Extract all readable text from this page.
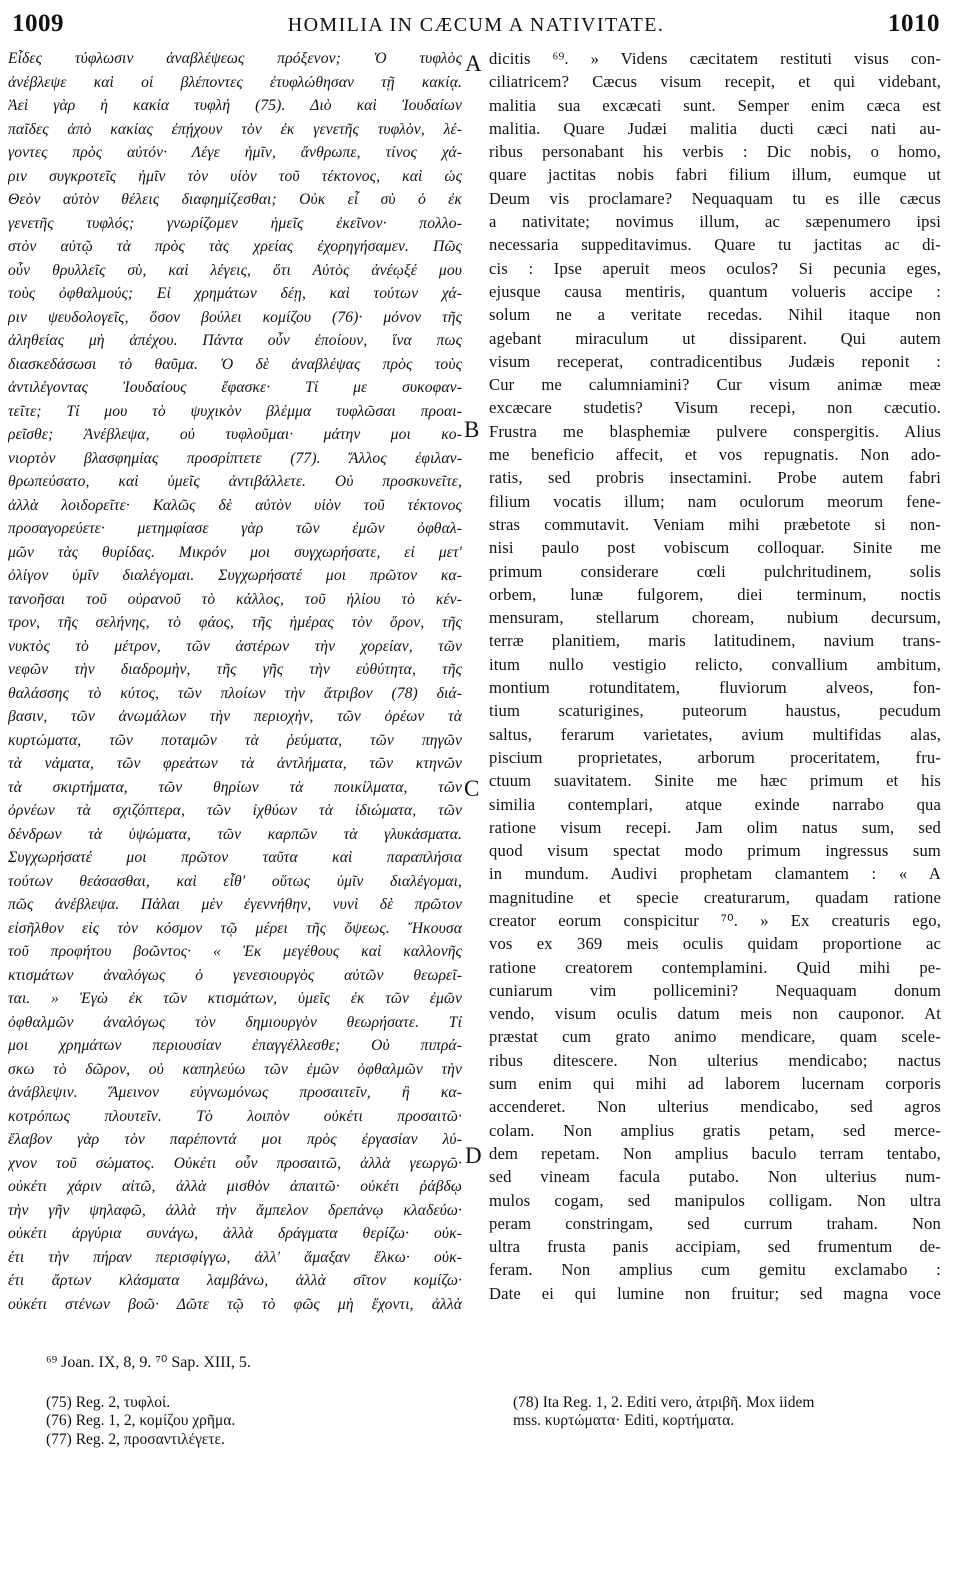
1009	HOMILIA IN CÆCUM A NATIVITATE.	1010
Εἶδες τύφλωσιν ἀναβλέψεως πρόξενον; Ὁ τυφλὸς
ἀνέβλεψε καὶ οἱ βλέποντες ἐτυφλώθησαν τῇ κακίᾳ.
Ἀεὶ γὰρ ἡ κακία τυφλή (75). Διὸ καὶ Ἰουδαίων
παῖδες ἀπὸ κακίας ἐπῄχουν τὸν ἐκ γενετῆς τυφλὸν, λέ-
γοντες πρὸς αὐτόν· Λέγε ἡμῖν, ἄνθρωπε, τίνος χά-
ριν συγκροτεῖς ἡμῖν τὸν υἱὸν τοῦ τέκτονος, καὶ ὡς
Θεὸν αὐτὸν θέλεις διαφημίζεσθαι; Οὐκ εἶ σὺ ὁ ἐκ
γενετῆς τυφλός; γνωρίζομεν ἡμεῖς ἐκεῖνον· πολλο-
στὸν αὐτῷ τὰ πρὸς τὰς χρείας ἐχορηγήσαμεν. Πῶς
οὖν θρυλλεῖς σὺ, καὶ λέγεις, ὅτι Αὐτὸς ἀνέῳξέ μου
τοὺς ὀφθαλμούς; Εἰ χρημάτων δέῃ, καὶ τούτων χά-
ριν ψευδολογεῖς, ὅσον βούλει κομίζου (76)· μόνον τῆς
ἀληθείας μὴ ἀπέχου. Πάντα οὖν ἐποίουν, ἵνα πως
διασκεδάσωσι τὸ θαῦμα. Ὁ δὲ ἀναβλέψας πρὸς τοὺς
ἀντιλέγοντας Ἰουδαίους ἔφασκε· Τί με συκοφαν-
τεῖτε; Τί μου τὸ ψυχικὸν βλέμμα τυφλῶσαι προαι-
ρεῖσθε; Ἀνέβλεψα, οὐ τυφλοῦμαι· μάτην μοι κο-
νιορτὸν βλασφημίας προσρίπτετε (77). Ἄλλος ἐφιλαν-
θρωπεύσατο, καὶ ὑμεῖς ἀντιβάλλετε. Οὐ προσκυνεῖτε,
ἀλλὰ λοιδορεῖτε· Καλῶς δὲ αὐτὸν υἱὸν τοῦ τέκτονος
προσαγορεύετε· μετημφίασε γὰρ τῶν ἐμῶν ὀφθαλ-
μῶν τὰς θυρίδας. Μικρόν μοι συγχωρήσατε, εἰ μετ'
ὀλίγον ὑμῖν διαλέγομαι. Συγχωρήσατέ μοι πρῶτον κα-
τανοῆσαι τοῦ οὐρανοῦ τὸ κάλλος, τοῦ ἡλίου τὸ κέν-
τρον, τῆς σελήνης, τὸ φάος, τῆς ἡμέρας τὸν ὅρον, τῆς
νυκτὸς τὸ μέτρον, τῶν ἀστέρων τὴν χορείαν, τῶν
νεφῶν τὴν διαδρομὴν, τῆς γῆς τὴν εὐθύτητα, τῆς
θαλάσσης τὸ κύτος, τῶν πλοίων τὴν ἄτριβον (78) διά-
βασιν, τῶν ἀνωμάλων τὴν περιοχὴν, τῶν ὀρέων τὰ
κυρτώματα, τῶν ποταμῶν τὰ ῥεύματα, τῶν πηγῶν
τὰ νάματα, τῶν φρεάτων τὰ ἀντλήματα, τῶν κτηνῶν
τὰ σκιρτήματα, τῶν θηρίων τὰ ποικίλματα, τῶν
ὀρνέων τὰ σχιζόπτερα, τῶν ἰχθύων τὰ ἰδιώματα, τῶν
δένδρων τὰ ὑψώματα, τῶν καρπῶν τὰ γλυκάσματα.
Συγχωρήσατέ μοι πρῶτον ταῦτα καὶ παραπλήσια
τούτων θεάσασθαι, καὶ εἶθ' οὕτως ὑμῖν διαλέγομαι,
πῶς ἀνέβλεψα. Πάλαι μὲν ἐγεννήθην, νυνὶ δὲ πρῶτον
εἰσῆλθον εἰς τὸν κόσμον τῷ μέρει τῆς ὄψεως. Ἤκουσα
τοῦ προφήτου βοῶντος· « Ἐκ μεγέθους καὶ καλλονῆς
κτισμάτων ἀναλόγως ὁ γενεσιουργὸς αὐτῶν θεωρεῖ-
ται. » Ἐγὼ ἐκ τῶν κτισμάτων, ὑμεῖς ἐκ τῶν ἐμῶν
ὀφθαλμῶν ἀναλόγως τὸν δημιουργὸν θεωρήσατε. Τί
μοι χρημάτων περιουσίαν ἐπαγγέλλεσθε; Οὐ πιπρά-
σκω τὸ δῶρον, οὐ καπηλεύω τῶν ἐμῶν ὀφθαλμῶν τὴν
ἀνάβλεψιν. Ἄμεινον εὐγνωμόνως προσαιτεῖν, ἢ κα-
κοτρόπως πλουτεῖν. Τὸ λοιπὸν οὐκέτι προσαιτῶ·
ἔλαβον γὰρ τὸν παρέποντά μοι πρὸς ἐργασίαν λύ-
χνον τοῦ σώματος. Οὐκέτι οὖν προσαιτῶ, ἀλλὰ γεωργῶ·
οὐκέτι χάριν αἰτῶ, ἀλλὰ μισθὸν ἀπαιτῶ· οὐκέτι ῥάβδῳ
τὴν γῆν ψηλαφῶ, ἀλλὰ τὴν ἄμπελον δρεπάνῳ κλαδεύω·
οὐκέτι ἀργύρια συνάγω, ἀλλὰ δράγματα θερίζω· οὐκ-
έτι τὴν πήραν περισφίγγω, ἀλλ' ἅμαξαν ἕλκω· οὐκ-
έτι ἄρτων κλάσματα λαμβάνω, ἀλλὰ σῖτον κομίζω·
οὐκέτι στένων βοῶ· Δῶτε τῷ τὸ φῶς μὴ ἔχοντι, ἀλλὰ
dicitis ⁶⁹. » Videns cæcitatem restituti visus con-
ciliatricem? Cæcus visum recepit, et qui videbant,
malitia sua excæcati sunt. Semper enim cæca est
malitia. Quare Judæi malitia ducti cæci nati au-
ribus personabant his verbis : Dic nobis, o homo,
quare jactitas nobis fabri filium illum, eumque ut
Deum vis proclamare? Nequaquam tu es ille cæcus
a nativitate; novimus illum, ac sæpenumero ipsi
necessaria suppeditavimus. Quare tu jactitas ac di-
cis : Ipse aperuit meos oculos? Si pecunia eges,
ejusque causa mentiris, quantum volueris accipe :
solum ne a veritate recedas. Nihil itaque non
agebant miraculum ut dissiparent. Qui autem
visum receperat, contradicentibus Judæis reponit :
Cur me calumniamini? Cur visum animæ meæ
excæcare studetis? Visum recepi, non cæcutio.
Frustra me blasphemiæ pulvere conspergitis. Alius
me beneficio affecit, et vos repugnatis. Non ado-
ratis, sed probris insectamini. Probe autem fabri
filium vocatis illum; nam oculorum meorum fene-
stras commutavit. Veniam mihi præbetote si non-
nisi paulo post vobiscum colloquar. Sinite me
primum considerare cœli pulchritudinem, solis
orbem, lunæ fulgorem, diei terminum, noctis
mensuram, stellarum choream, nubium decursum,
terræ planitiem, maris latitudinem, navium trans-
itum nullo vestigio relicto, convallium ambitum,
montium rotunditatem, fluviorum alveos, fon-
tium scaturigines, puteorum haustus, pecudum
saltus, ferarum varietates, avium multifidas alas,
piscium proprietates, arborum proceritatem, fru-
ctuum suavitatem. Sinite me hæc primum et his
similia contemplari, atque exinde narrabo qua
ratione visum recepi. Jam olim natus sum, sed
quod visum spectat modo primum ingressus sum
in mundum. Audivi prophetam clamantem : « A
magnitudine et specie creaturarum, quadam ratione
creator eorum conspicitur ⁷⁰. » Ex creaturis ego,
vos ex 369 meis oculis quidam proportione ac
ratione creatorem contemplamini. Quid mihi pe-
cuniarum vim pollicemini? Nequaquam donum
vendo, visum oculis datum meis non cauponor. At
præstat cum grato animo mendicare, quam scele-
ribus ditescere. Non ulterius mendicabo; nactus
sum enim qui mihi ad laborem lucernam corporis
accenderet. Non ulterius mendicabo, sed agros
colam. Non amplius gratis petam, sed merce-
dem repetam. Non amplius baculo terram tentabo,
sed vineam facula putabo. Non ulterius num-
mulos cogam, sed manipulos colligam. Non ultra
peram constringam, sed currum traham. Non
ultra frusta panis accipiam, sed frumentum de-
feram. Non amplius cum gemitu exclamabo :
Date ei qui lumine non fruitur; sed magna voce
A
B
C
D
⁶⁹ Joan. IX, 8, 9. ⁷⁰ Sap. XIII, 5.
(75) Reg. 2, τυφλοί.
(76) Reg. 1, 2, κομίζου χρῆμα.
(77) Reg. 2, προσαντιλέγετε.
(78) Ita Reg. 1, 2. Editi vero, ἀτριβῆ. Mox iidem
mss. κυρτώματα· Editi, κορτήματα.
